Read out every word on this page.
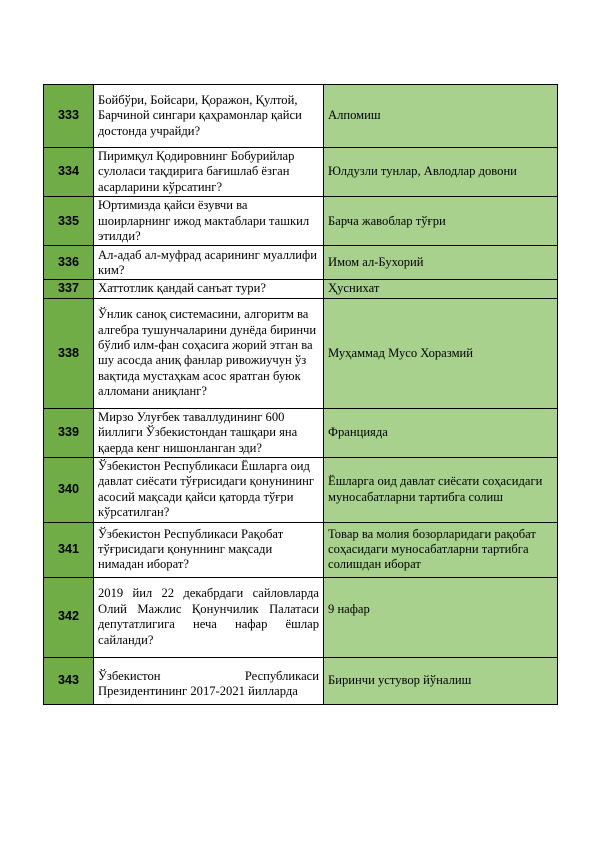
333	Бойбўри, Бойсари, Қоражон, Қултой, Барчиной сингари қаҳрамонлар қайси достонда учрайди?	Алпомиш
334	Пиримқул Қодировнинг Бобурийлар сулоласи тақдирига бағишлаб ёзган асарларини кўрсатинг?	Юлдузли тунлар, Авлодлар довони
335	Юртимизда қайси ёзувчи ва шоирларнинг ижод мактаблари ташкил этилди?	Барча жавоблар тўғри
336	Ал-адаб ал-муфрад асарининг муаллифи ким?	Имом ал-Бухорий
337	Хаттотлик қандай санъат тури?	Ҳуснихат
338	Ўнлик саноқ системасини, алгоритм ва алгебра тушунчаларини дунёда биринчи бўлиб илм-фан соҳасига жорий этган ва шу асосда аниқ фанлар ривожиучун ўз вақтида мустаҳкам асос яратган буюк алломани аниқланг?	Муҳаммад Мусо Хоразмий
339	Мирзо Улуғбек таваллудининг 600 йиллиги Ўзбекистондан ташқари яна қаерда кенг нишонланган эди?	Францияда
340	Ўзбекистон Республикаси Ёшларга оид давлат сиёсати тўғрисидаги қонунининг асосий мақсади қайси қаторда тўғри кўрсатилган?	Ёшларга оид давлат сиёсати соҳасидаги муносабатларни тартибга солиш
341	Ўзбекистон Республикаси Рақобат тўғрисидаги қонуннинг мақсади нимадан иборат?	Товар ва молия бозорларидаги рақобат соҳасидаги муносабатларни тартибга солишдан иборат
342	2019 йил 22 декабрдаги сайловларда Олий Мажлис Қонунчилик Палатаси депутатлигига неча нафар ёшлар сайланди?	9 нафар
343	Ўзбекистон Республикаси Президентининг 2017-2021 йилларда	Биринчи устувор йўналиш
